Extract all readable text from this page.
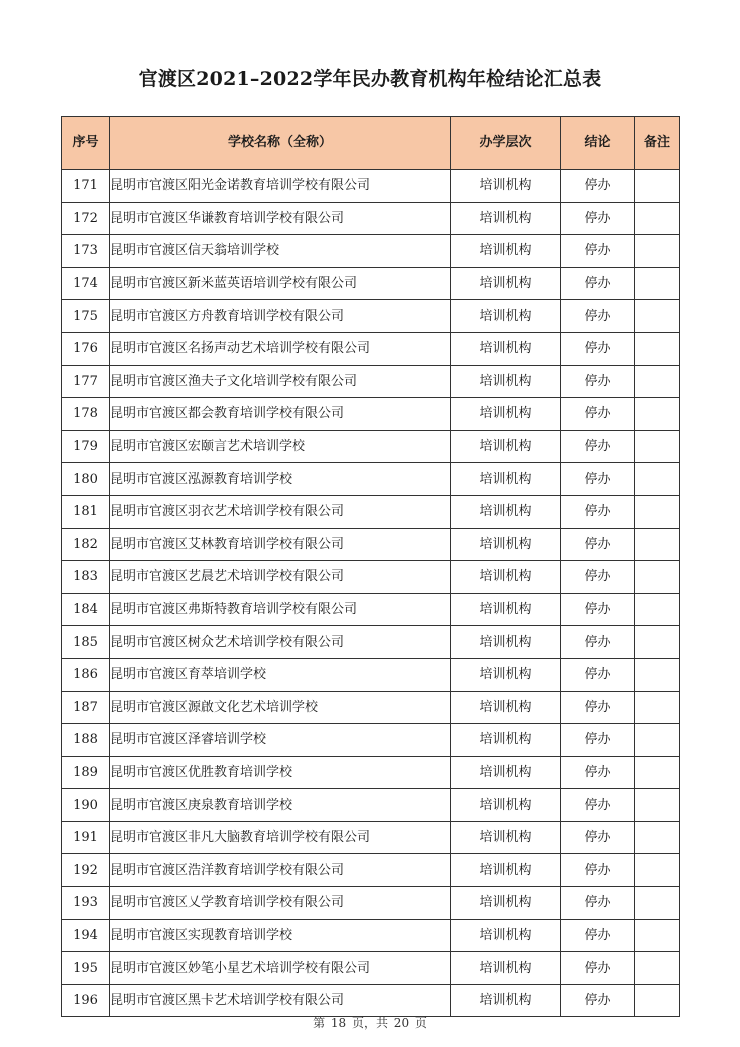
官渡区2021–2022学年民办教育机构年检结论汇总表
序号	学校名称（全称）	办学层次	结论	备注
171	昆明市官渡区阳光金诺教育培训学校有限公司	培训机构	停办	
172	昆明市官渡区华谦教育培训学校有限公司	培训机构	停办	
173	昆明市官渡区信天翁培训学校	培训机构	停办	
174	昆明市官渡区新米蓝英语培训学校有限公司	培训机构	停办	
175	昆明市官渡区方舟教育培训学校有限公司	培训机构	停办	
176	昆明市官渡区名扬声动艺术培训学校有限公司	培训机构	停办	
177	昆明市官渡区渔夫子文化培训学校有限公司	培训机构	停办	
178	昆明市官渡区都会教育培训学校有限公司	培训机构	停办	
179	昆明市官渡区宏颐言艺术培训学校	培训机构	停办	
180	昆明市官渡区泓源教育培训学校	培训机构	停办	
181	昆明市官渡区羽衣艺术培训学校有限公司	培训机构	停办	
182	昆明市官渡区艾林教育培训学校有限公司	培训机构	停办	
183	昆明市官渡区艺晨艺术培训学校有限公司	培训机构	停办	
184	昆明市官渡区弗斯特教育培训学校有限公司	培训机构	停办	
185	昆明市官渡区树众艺术培训学校有限公司	培训机构	停办	
186	昆明市官渡区育萃培训学校	培训机构	停办	
187	昆明市官渡区源啟文化艺术培训学校	培训机构	停办	
188	昆明市官渡区泽睿培训学校	培训机构	停办	
189	昆明市官渡区优胜教育培训学校	培训机构	停办	
190	昆明市官渡区庚泉教育培训学校	培训机构	停办	
191	昆明市官渡区非凡大脑教育培训学校有限公司	培训机构	停办	
192	昆明市官渡区浩洋教育培训学校有限公司	培训机构	停办	
193	昆明市官渡区乂学教育培训学校有限公司	培训机构	停办	
194	昆明市官渡区实现教育培训学校	培训机构	停办	
195	昆明市官渡区妙笔小星艺术培训学校有限公司	培训机构	停办	
196	昆明市官渡区黑卡艺术培训学校有限公司	培训机构	停办	
第 18 页，共 20 页
